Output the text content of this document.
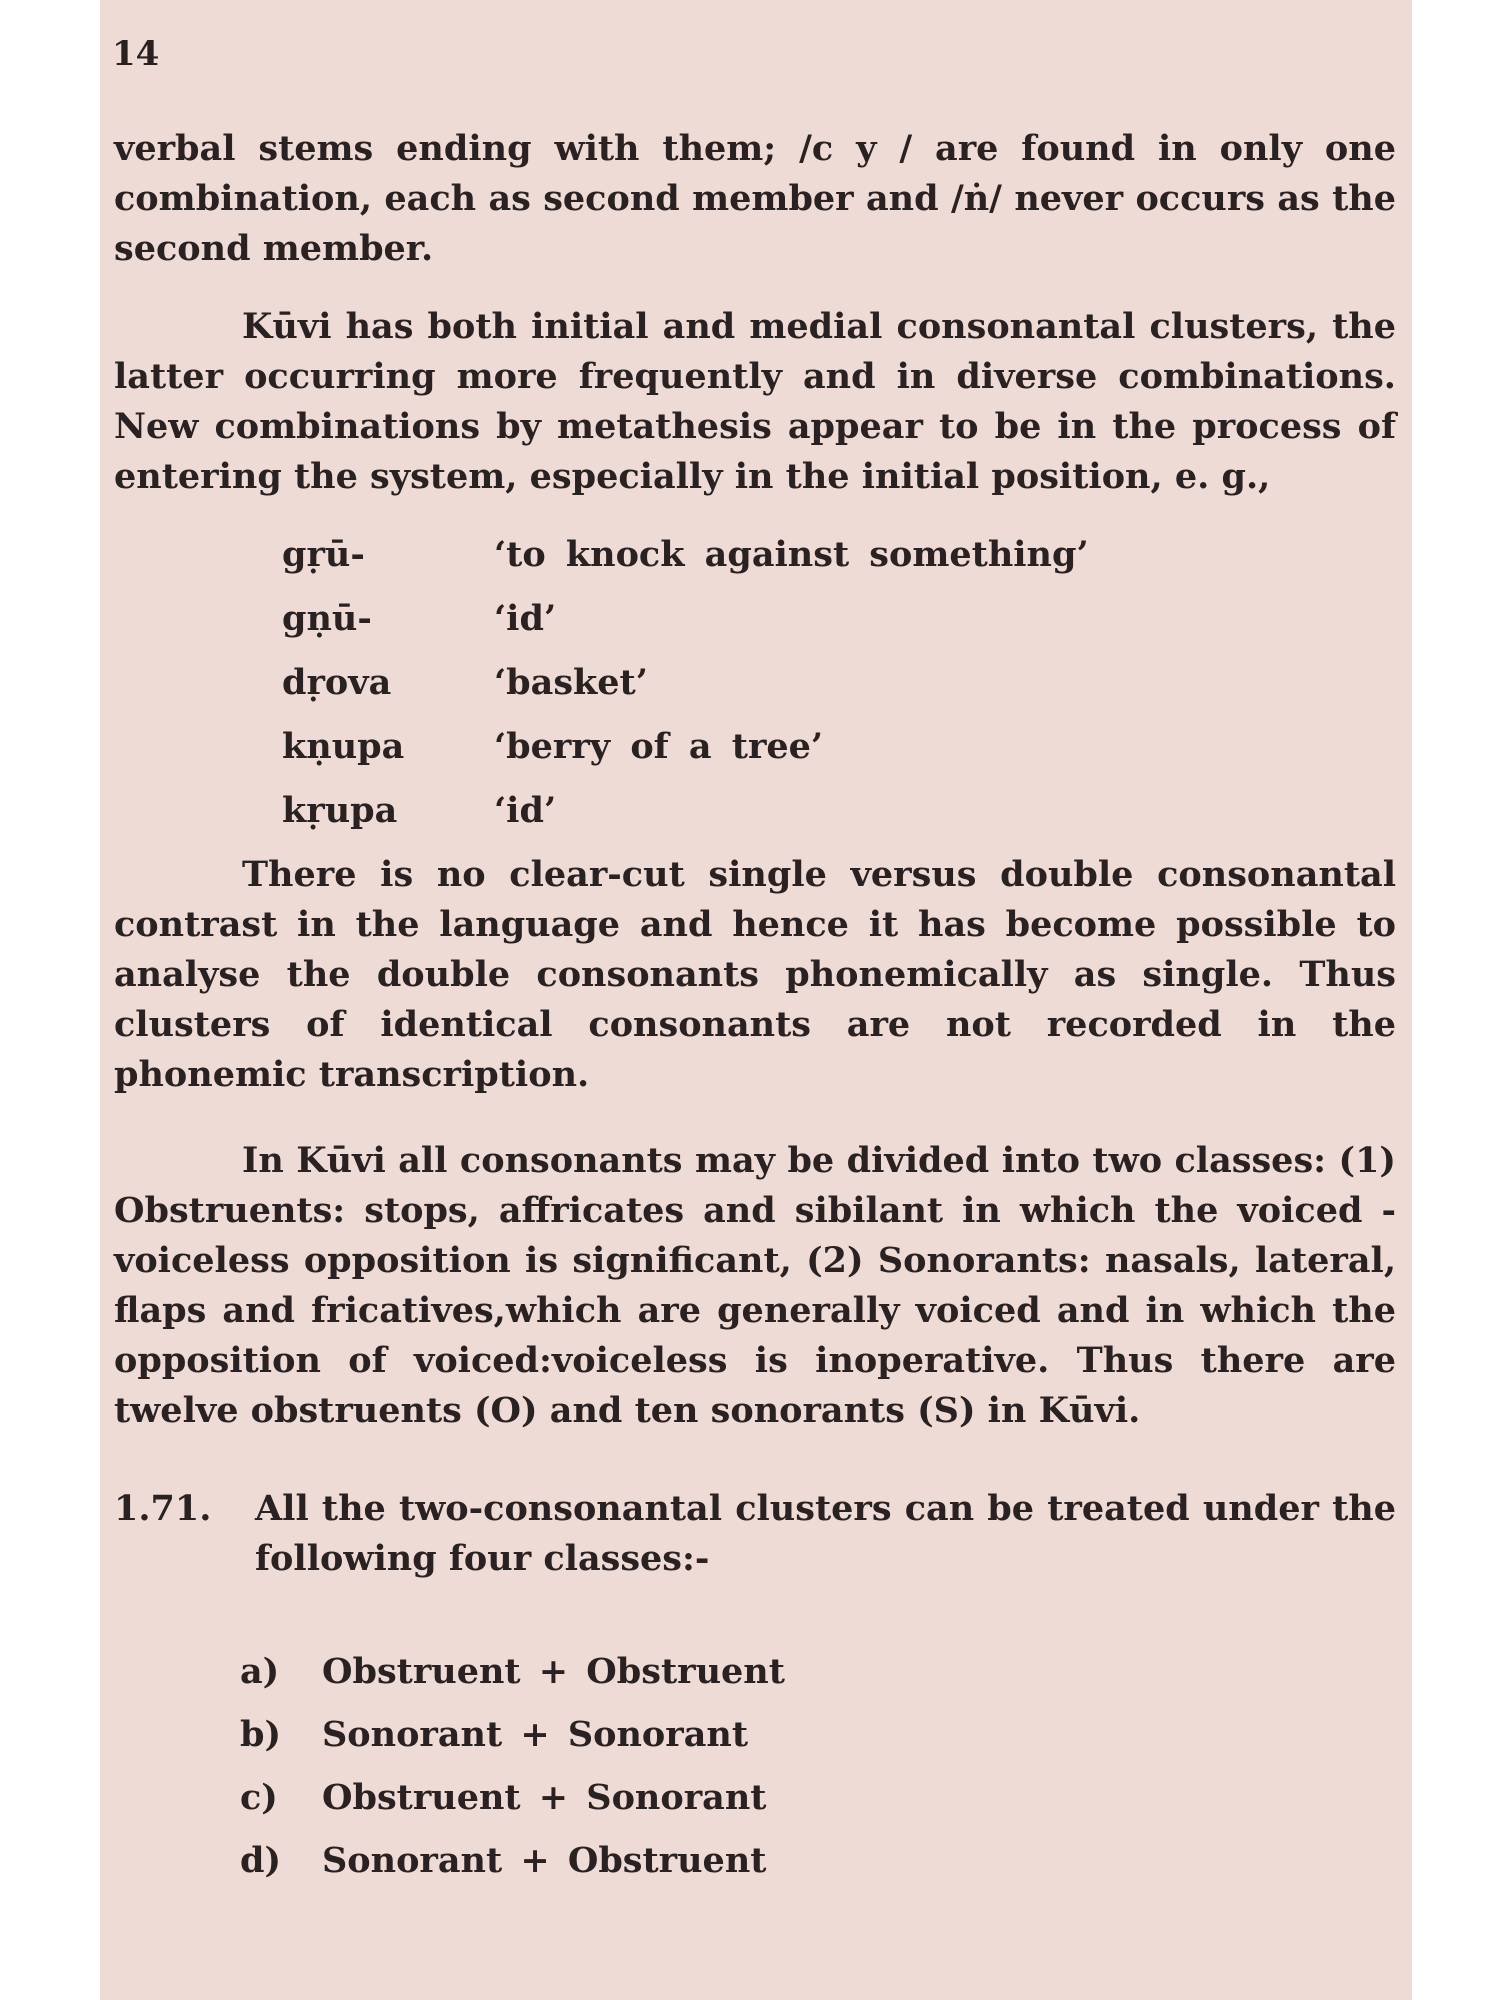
14

verbal stems ending with them; /c y / are found in only one combination, each as second member and /ṅ/ never occurs as the second member.

Kūvi has both initial and medial consonantal clusters, the latter occurring more frequently and in diverse combinations. New combinations by metathesis appear to be in the process of entering the system, especially in the initial position, e. g.,

gṛū-	‘to knock against something’
gṇū-	‘id’
dṛova	‘basket’
kṇupa	‘berry of a tree’
kṛupa	‘id’

There is no clear-cut single versus double consonantal contrast in the language and hence it has become possible to analyse the double consonants phonemically as single. Thus clusters of identical consonants are not recorded in the phonemic transcription.

In Kūvi all consonants may be divided into two classes: (1) Obstruents: stops, affricates and sibilant in which the voiced -voiceless opposition is significant, (2) Sonorants: nasals, lateral, flaps and fricatives,which are generally voiced and in which the opposition of voiced:voiceless is inoperative. Thus there are twelve obstruents (O) and ten sonorants (S) in Kūvi.

1.71.	All the two-consonantal clusters can be treated under the following four classes:-
a)	Obstruent + Obstruent
b)	Sonorant + Sonorant
c)	Obstruent + Sonorant
d)	Sonorant + Obstruent
